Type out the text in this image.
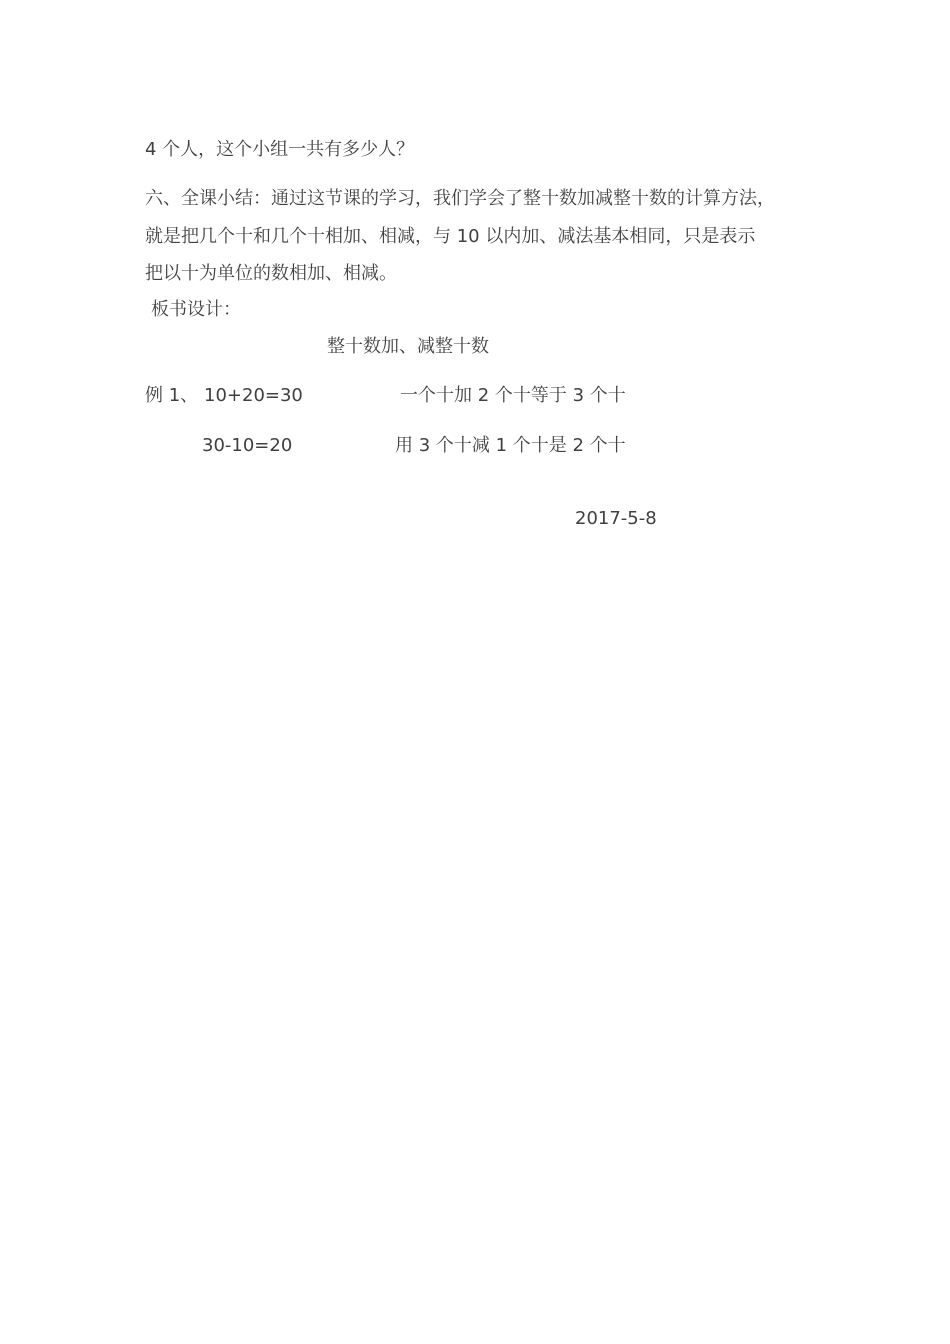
4 个人，这个小组一共有多少人？
六、全课小结：通过这节课的学习，我们学会了整十数加减整十数的计算方法，
就是把几个十和几个十相加、相减，与 10 以内加、减法基本相同，只是表示
把以十为单位的数相加、相减。
板书设计：
整十数加、减整十数
例 1、 10+20=30	一个十加 2 个十等于 3 个十
30-10=20	用 3 个十减 1 个十是 2 个十
2017-5-8
